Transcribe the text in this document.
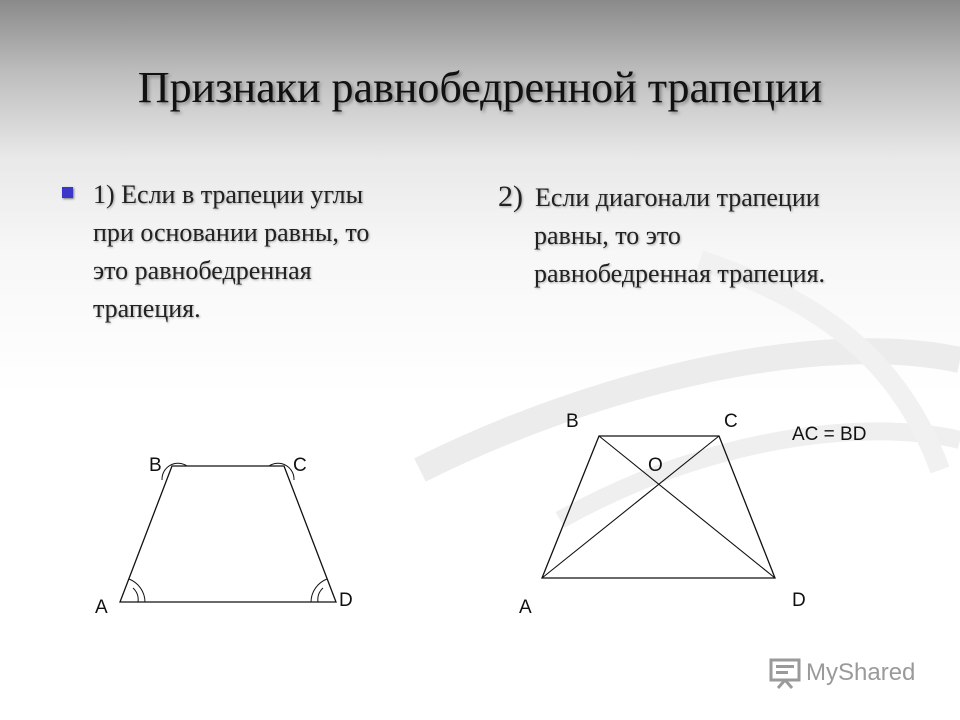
Признаки равнобедренной трапеции
1) Если в трапеции углы
при основании равны, то
это равнобедренная
трапеция.
2) Если диагонали трапеции
равны, то это
равнобедренная трапеция.
B	C
A	D
B	C
O
A	D
AC = BD
MyShared
